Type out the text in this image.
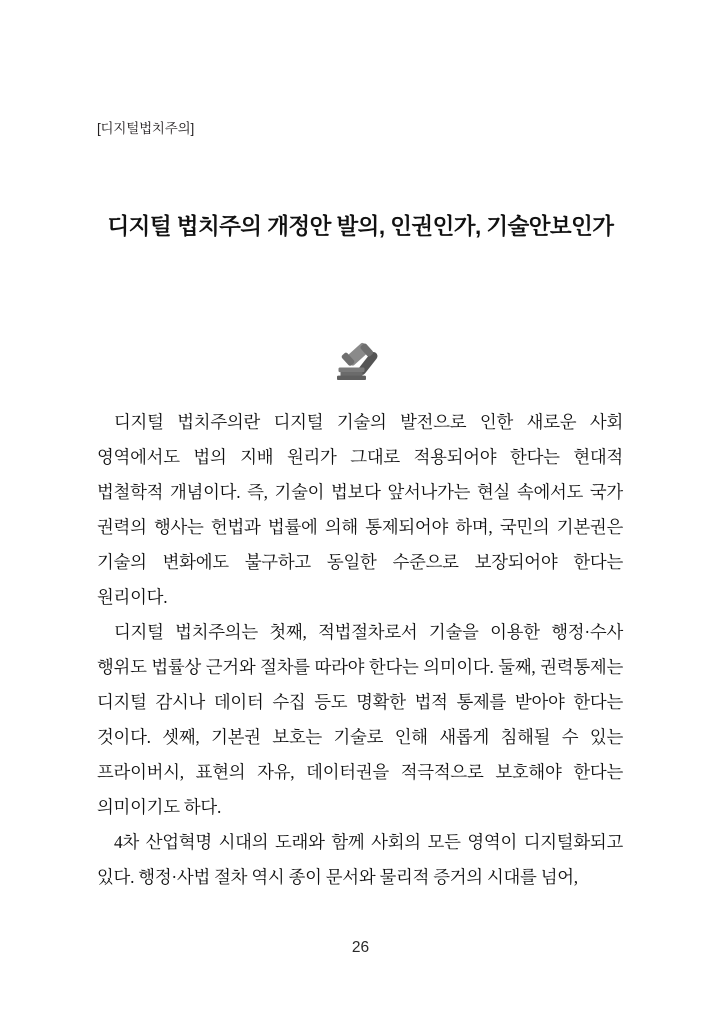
[디지털법치주의]
디지털 법치주의 개정안 발의, 인권인가, 기술안보인가

디지털 법치주의란 디지털 기술의 발전으로 인한 새로운 사회 영역에서도 법의 지배 원리가 그대로 적용되어야 한다는 현대적 법철학적 개념이다. 즉, 기술이 법보다 앞서나가는 현실 속에서도 국가 권력의 행사는 헌법과 법률에 의해 통제되어야 하며, 국민의 기본권은 기술의 변화에도 불구하고 동일한 수준으로 보장되어야 한다는 원리이다.

디지털 법치주의는 첫째, 적법절차로서 기술을 이용한 행정·수사 행위도 법률상 근거와 절차를 따라야 한다는 의미이다. 둘째, 권력통제는 디지털 감시나 데이터 수집 등도 명확한 법적 통제를 받아야 한다는 것이다. 셋째, 기본권 보호는 기술로 인해 새롭게 침해될 수 있는 프라이버시, 표현의 자유, 데이터권을 적극적으로 보호해야 한다는 의미이기도 하다.

4차 산업혁명 시대의 도래와 함께 사회의 모든 영역이 디지털화되고 있다. 행정·사법 절차 역시 종이 문서와 물리적 증거의 시대를 넘어,

26
